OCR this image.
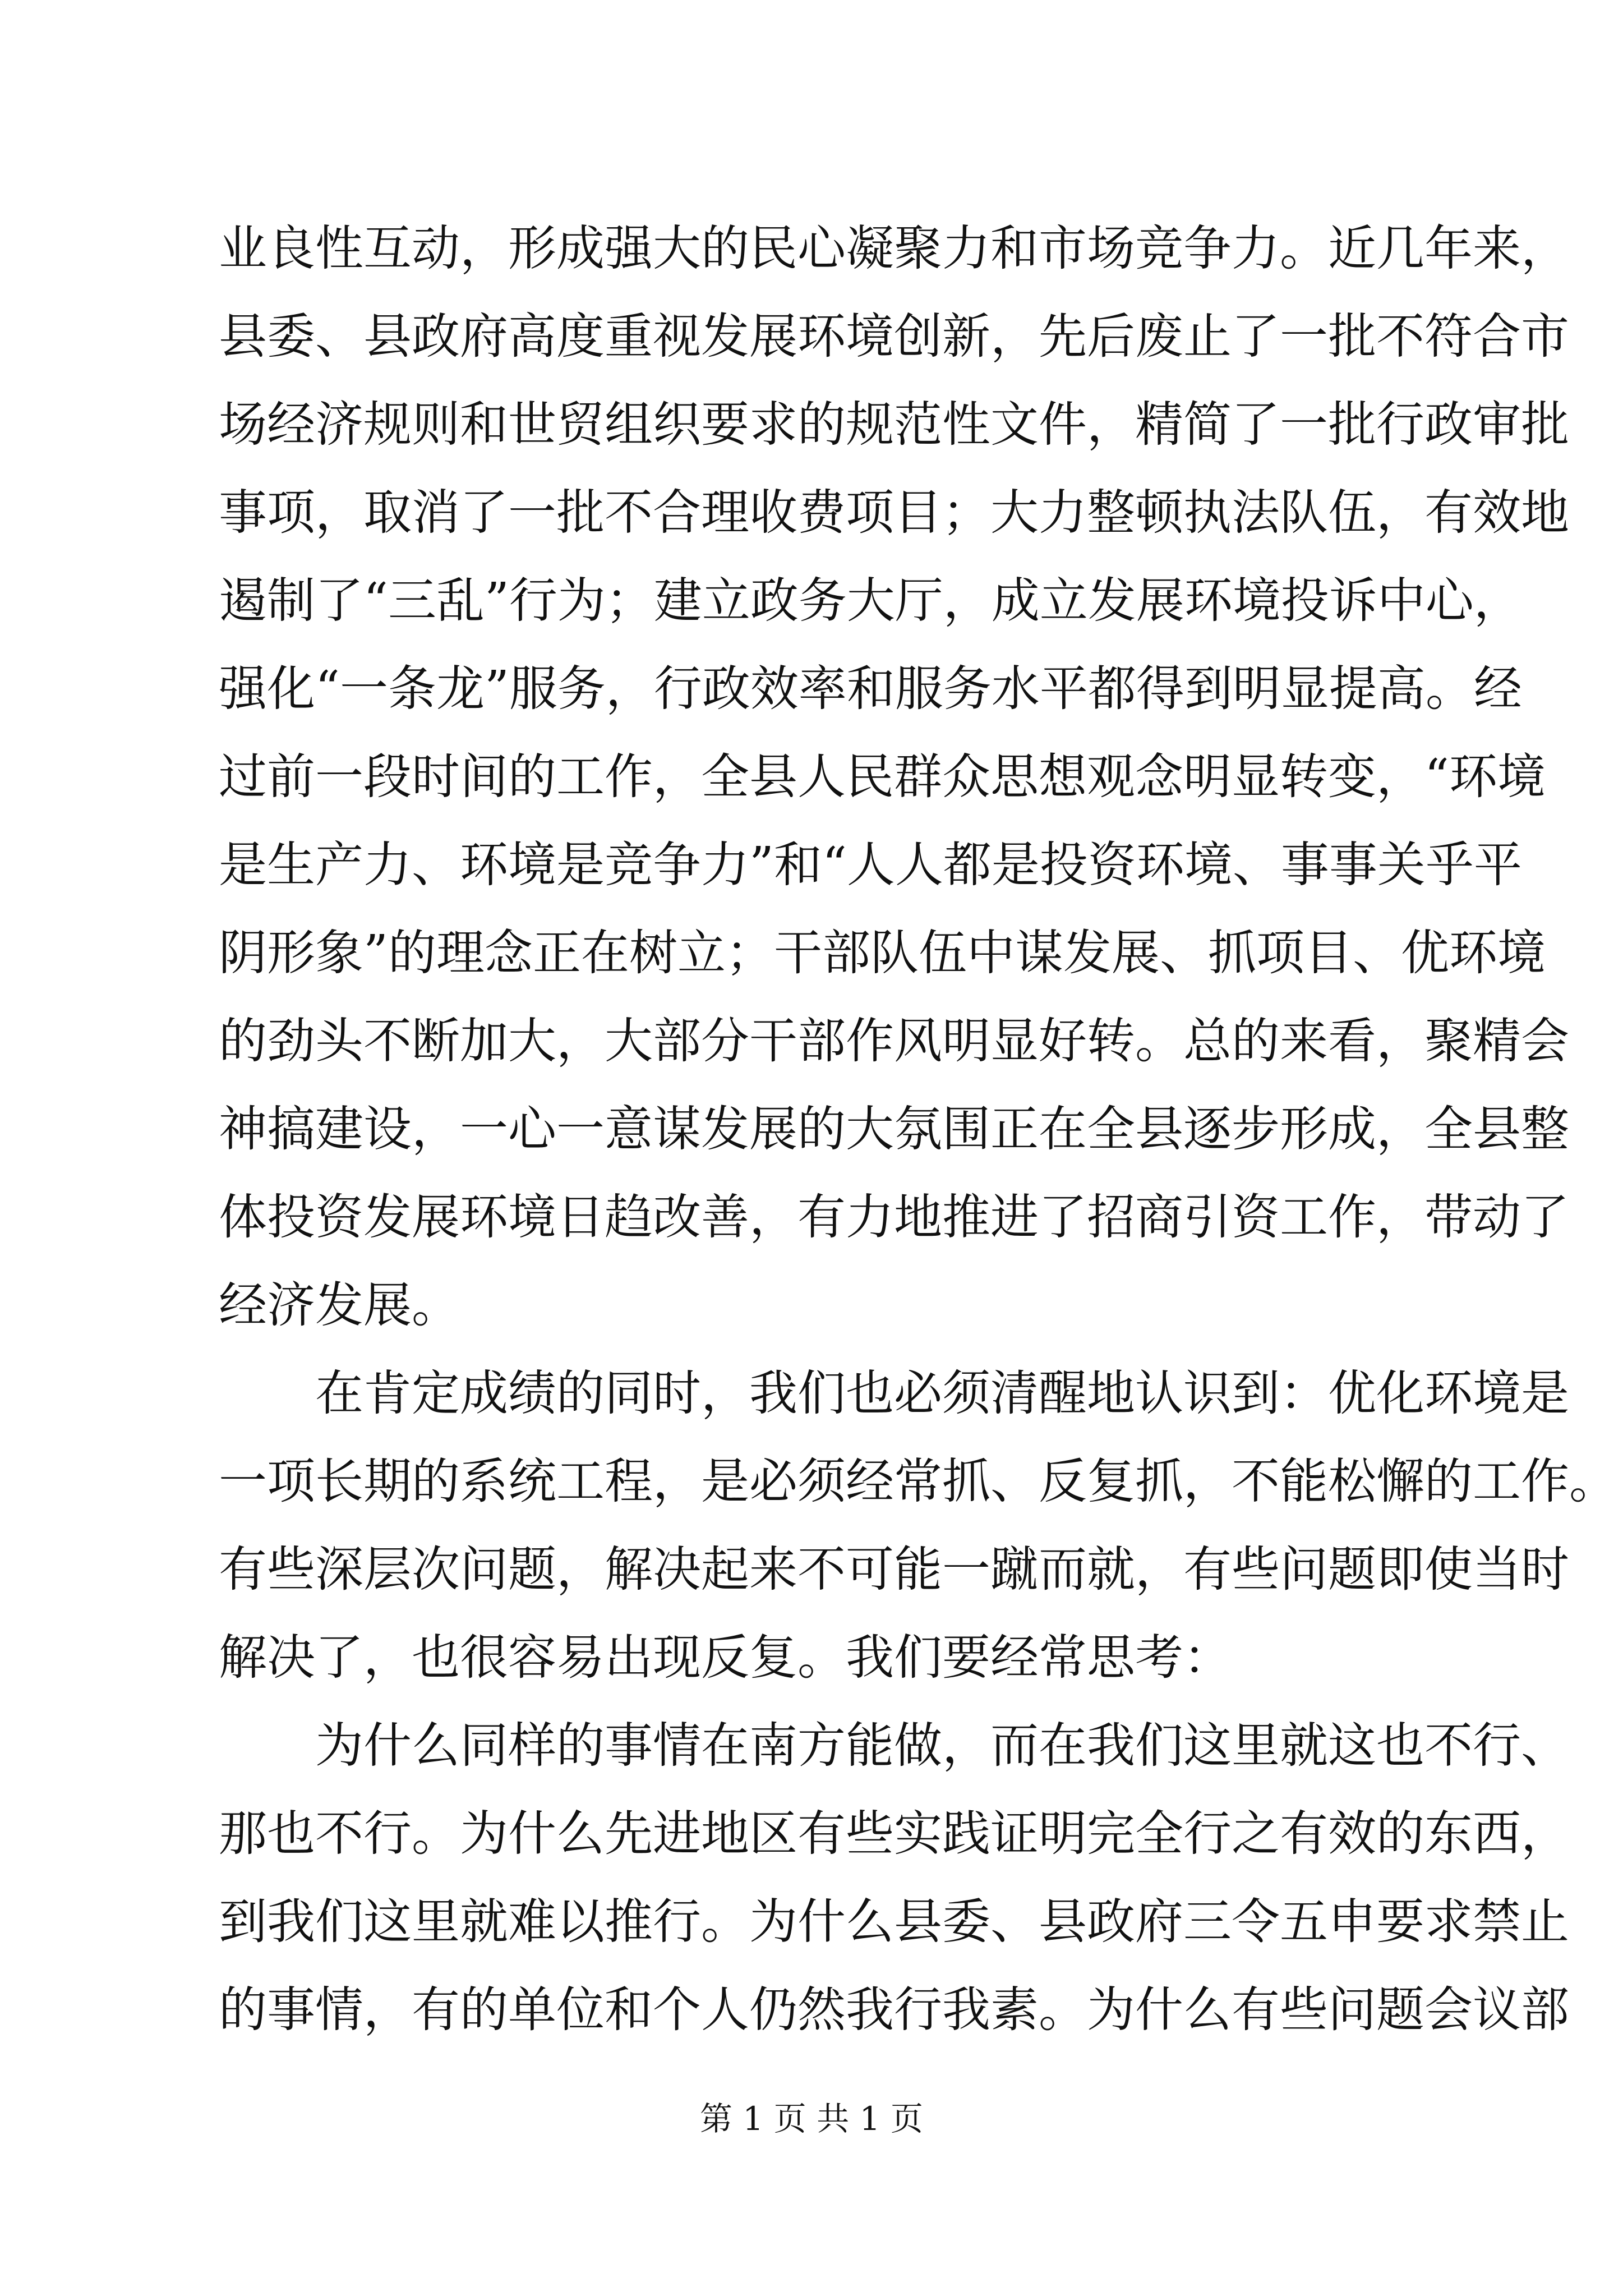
业良性互动，形成强大的民心凝聚力和市场竞争力。近几年来，
县委、县政府高度重视发展环境创新，先后废止了一批不符合市
场经济规则和世贸组织要求的规范性文件，精简了一批行政审批
事项，取消了一批不合理收费项目；大力整顿执法队伍，有效地
遏制了“三乱”行为；建立政务大厅，成立发展环境投诉中心，
强化“一条龙”服务，行政效率和服务水平都得到明显提高。经
过前一段时间的工作，全县人民群众思想观念明显转变，“环境
是生产力、环境是竞争力”和“人人都是投资环境、事事关乎平
阴形象”的理念正在树立；干部队伍中谋发展、抓项目、优环境
的劲头不断加大，大部分干部作风明显好转。总的来看，聚精会
神搞建设，一心一意谋发展的大氛围正在全县逐步形成，全县整
体投资发展环境日趋改善，有力地推进了招商引资工作，带动了
经济发展。
在肯定成绩的同时，我们也必须清醒地认识到：优化环境是
一项长期的系统工程，是必须经常抓、反复抓，不能松懈的工作。
有些深层次问题，解决起来不可能一蹴而就，有些问题即使当时
解决了，也很容易出现反复。我们要经常思考：
为什么同样的事情在南方能做，而在我们这里就这也不行、
那也不行。为什么先进地区有些实践证明完全行之有效的东西，
到我们这里就难以推行。为什么县委、县政府三令五申要求禁止
的事情，有的单位和个人仍然我行我素。为什么有些问题会议部
第 1 页 共 1 页
